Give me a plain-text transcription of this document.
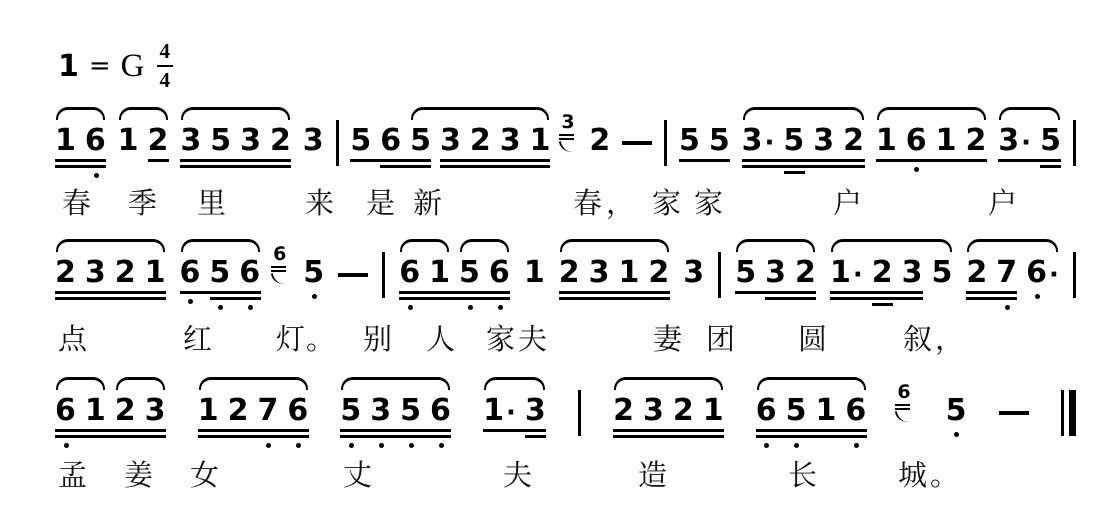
1 = G $\frac{4}{4}$
1 6 1 2 3 5 3 2 3 5 6 5 3 2 3 1
3
2 5 5 3 · 5 3 2 1 6 1 2 3 · 5
春 季 里	来 是 新	春 ， 家 家	户	户
2 3 2 1 6 5 6
6
5	6 1 5 6 1 2 3 1 2 3 5 3 2 1 · 2 3 5 2 7 6 ·
点	红 灯 。 别 人 家 夫	妻 团 圆	叙 ，
6 1 2 3 1 2 7 6 5 3 5 6 1 · 3 2 3 2 1 6 5 1 6
6
5
孟 姜 女	丈	夫	造	长	城 。
